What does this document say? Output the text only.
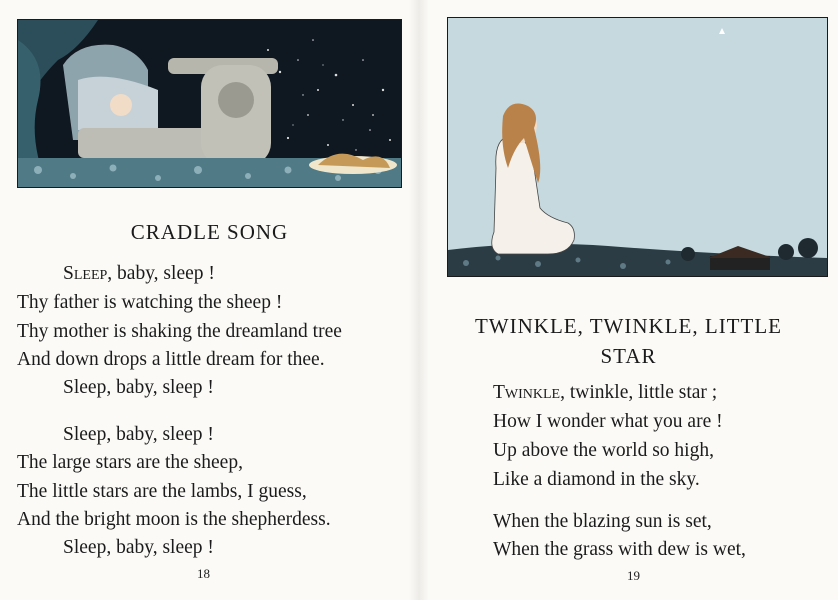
CRADLE SONG
Sleep, baby, sleep !
Thy father is watching the sheep !
Thy mother is shaking the dreamland tree
And down drops a little dream for thee.
Sleep, baby, sleep !
Sleep, baby, sleep !
The large stars are the sheep,
The little stars are the lambs, I guess,
And the bright moon is the shepherdess.
Sleep, baby, sleep !
18
TWINKLE, TWINKLE, LITTLE
STAR
Twinkle, twinkle, little star ;
How I wonder what you are !
Up above the world so high,
Like a diamond in the sky.
When the blazing sun is set,
When the grass with dew is wet,
19
